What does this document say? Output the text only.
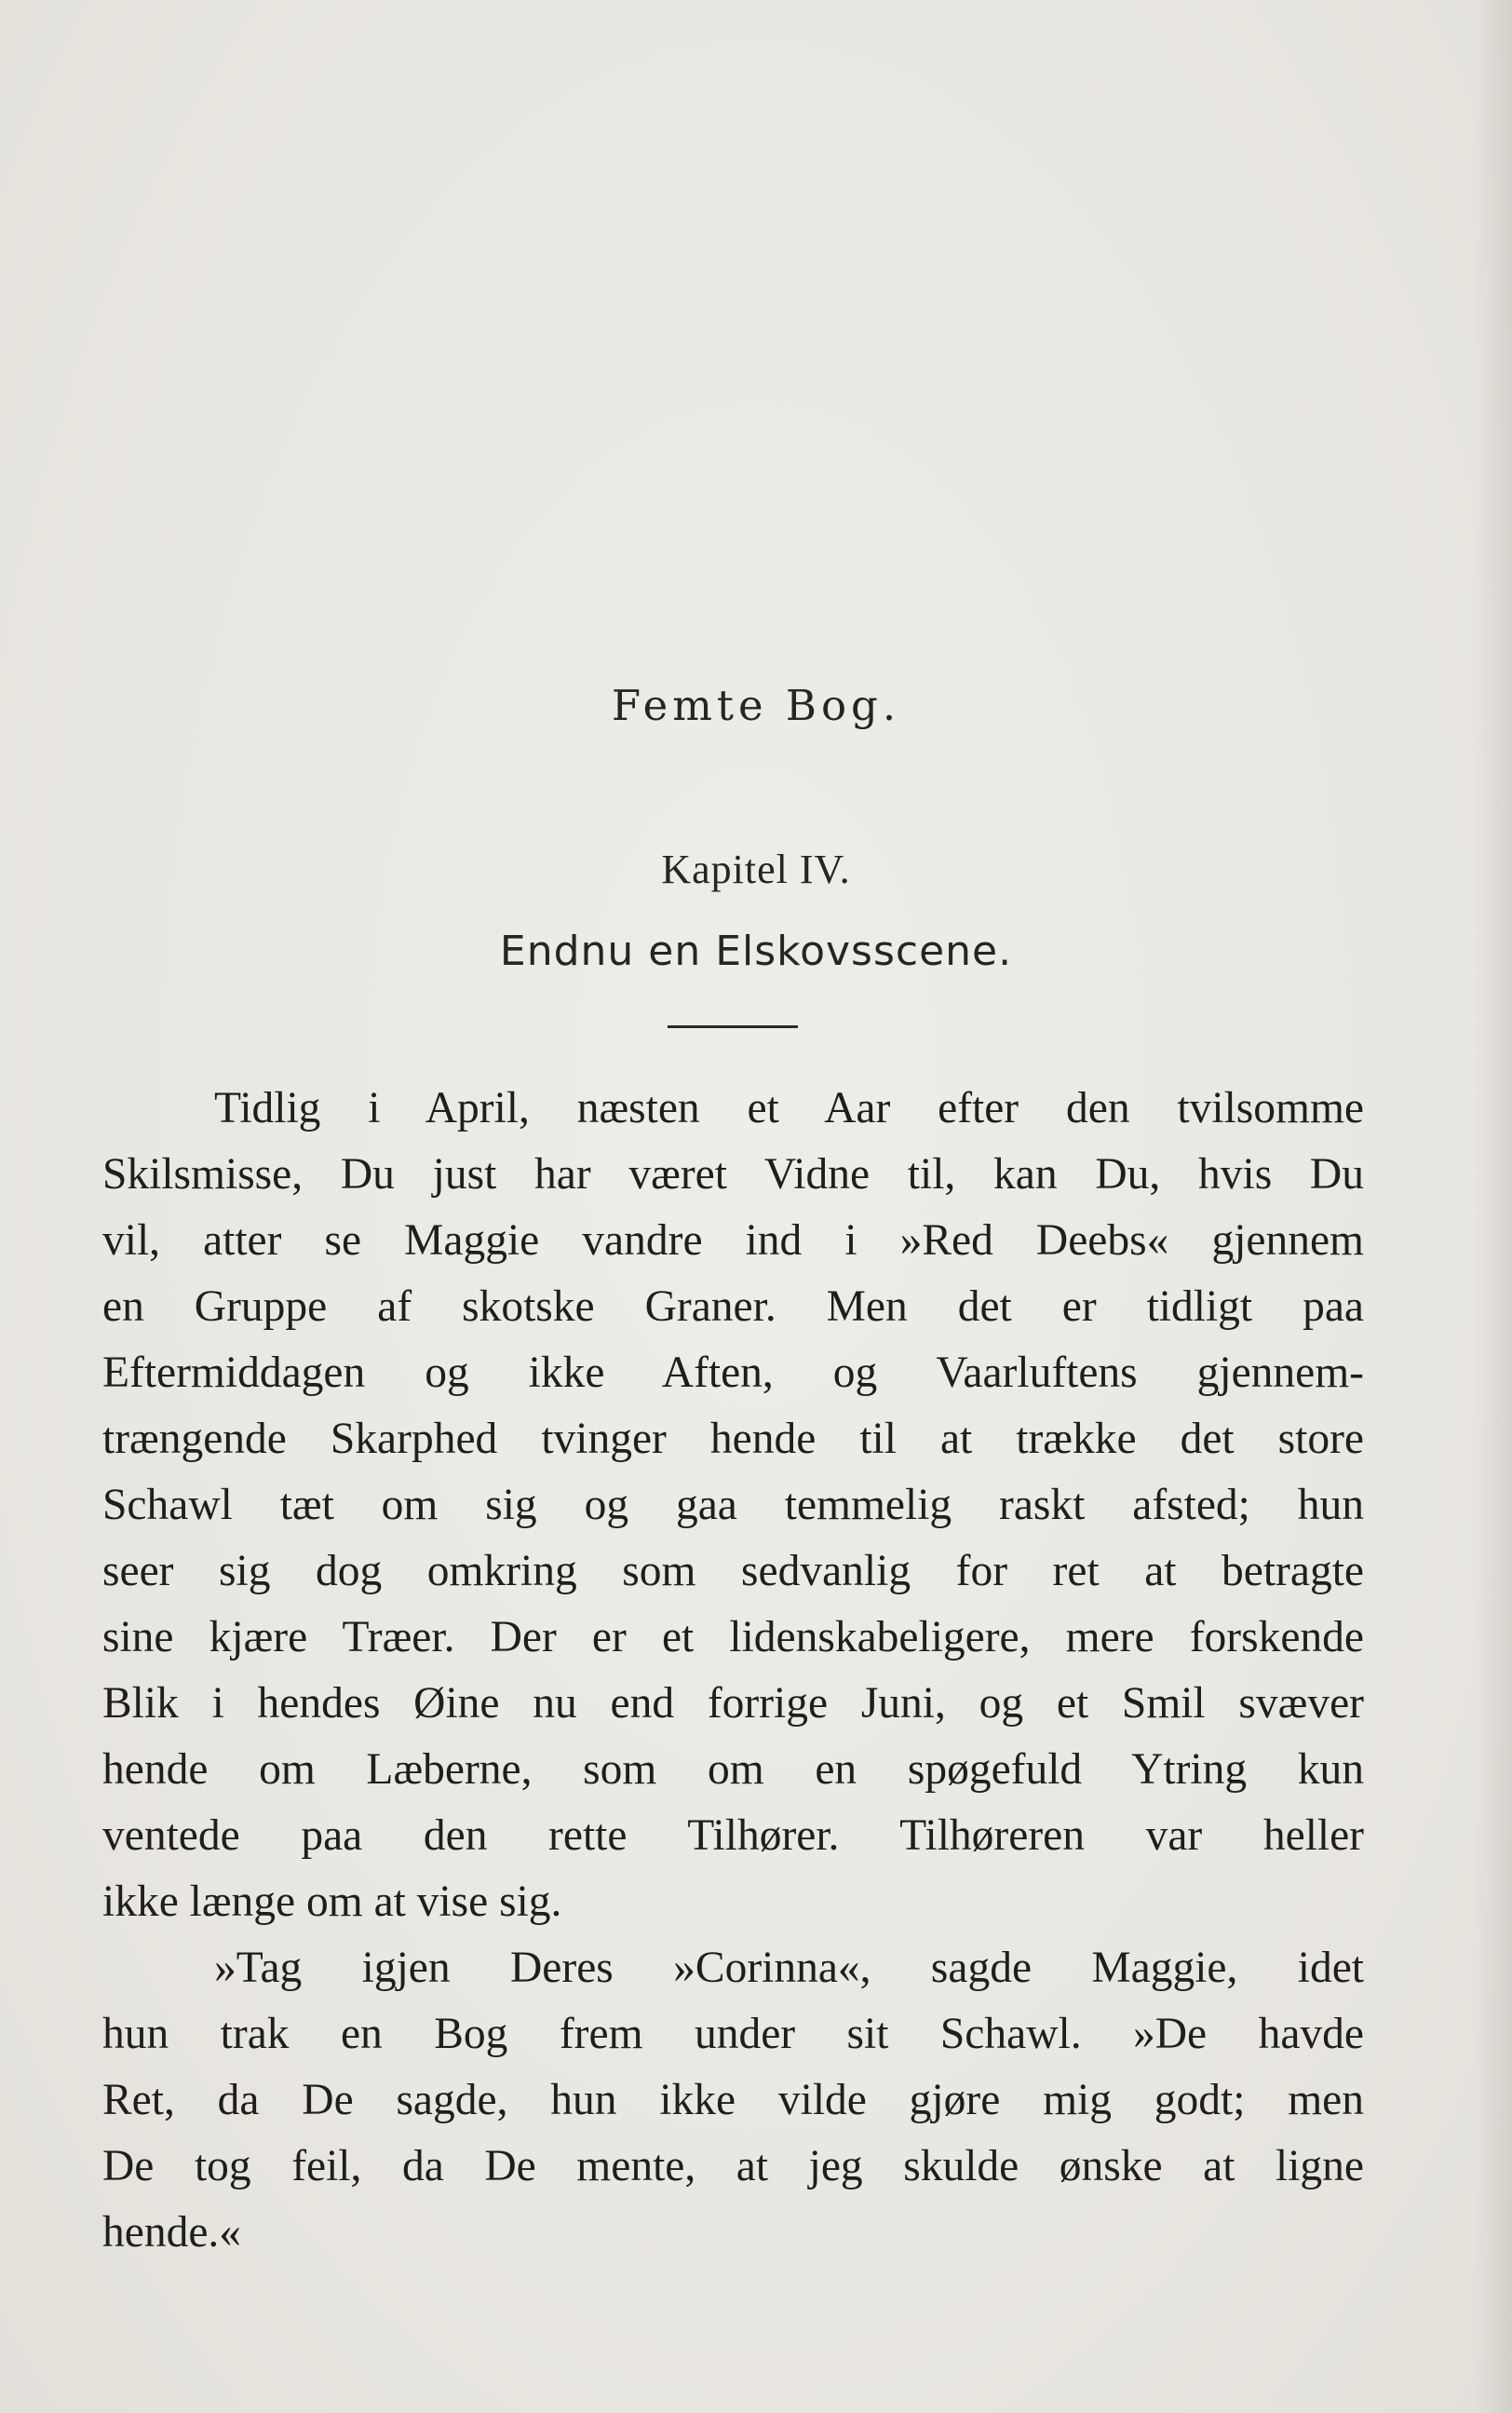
Femte Bog.
Kapitel IV.
Endnu en Elskovsscene.
Tidlig i April, næsten et Aar efter den tvilsomme
Skilsmisse, Du just har været Vidne til, kan Du, hvis Du
vil, atter se Maggie vandre ind i »Red Deebs« gjennem
en Gruppe af skotske Graner. Men det er tidligt paa
Eftermiddagen og ikke Aften, og Vaarluftens gjennem-
trængende Skarphed tvinger hende til at trække det store
Schawl tæt om sig og gaa temmelig raskt afsted; hun
seer sig dog omkring som sedvanlig for ret at betragte
sine kjære Træer. Der er et lidenskabeligere, mere forskende
Blik i hendes Øine nu end forrige Juni, og et Smil svæver
hende om Læberne, som om en spøgefuld Ytring kun
ventede paa den rette Tilhører. Tilhøreren var heller
ikke længe om at vise sig.
»Tag igjen Deres »Corinna«, sagde Maggie, idet
hun trak en Bog frem under sit Schawl. »De havde
Ret, da De sagde, hun ikke vilde gjøre mig godt; men
De tog feil, da De mente, at jeg skulde ønske at ligne
hende.«
